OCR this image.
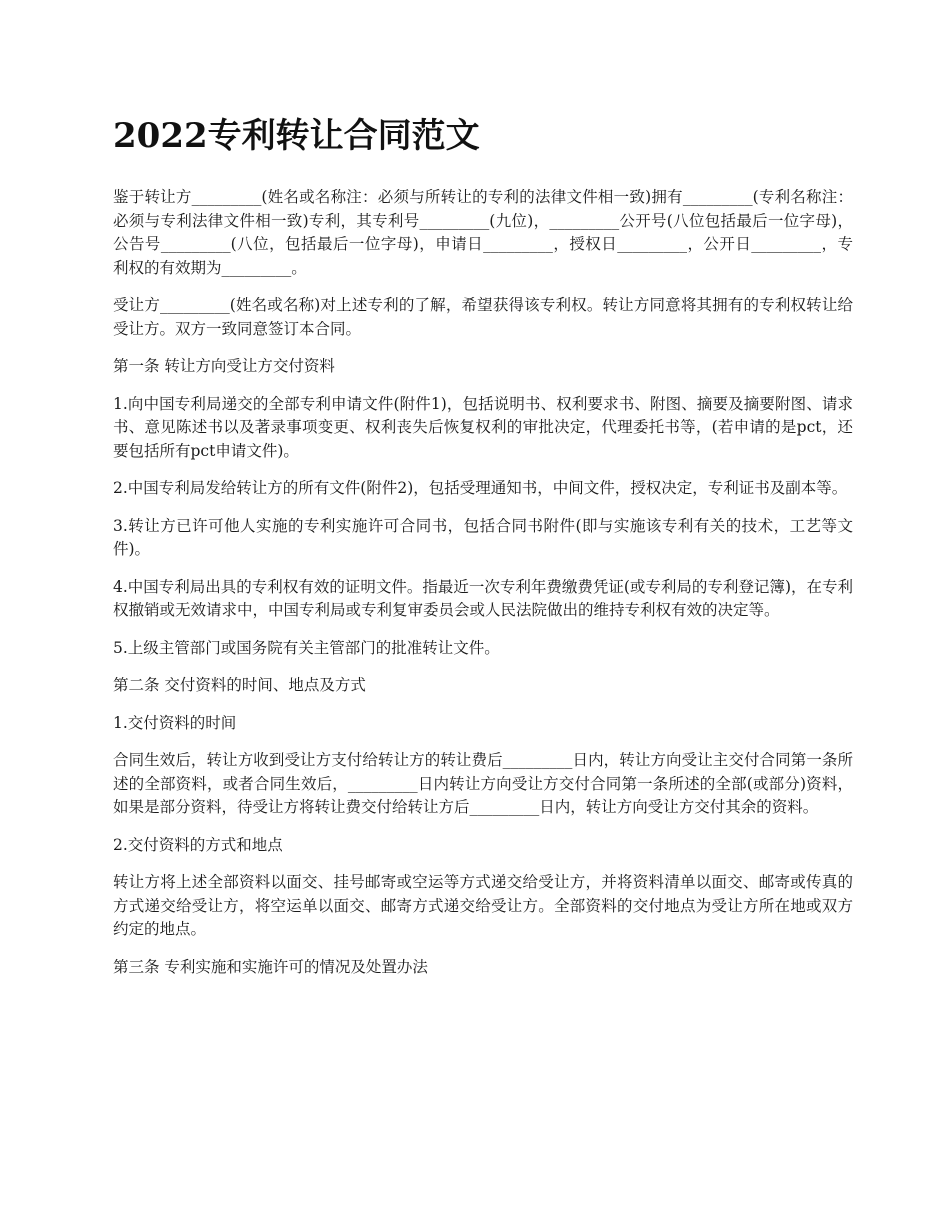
2022专利转让合同范文

鉴于转让方_________(姓名或名称注：必须与所转让的专利的法律文件相一致)拥有_________(专利名称注：必须与专利法律文件相一致)专利，其专利号_________(九位)，_________公开号(八位包括最后一位字母)，公告号_________(八位，包括最后一位字母)，申请日_________，授权日_________，公开日_________，专利权的有效期为_________。

受让方_________(姓名或名称)对上述专利的了解，希望获得该专利权。转让方同意将其拥有的专利权转让给受让方。双方一致同意签订本合同。

第一条 转让方向受让方交付资料

1.向中国专利局递交的全部专利申请文件(附件1)，包括说明书、权利要求书、附图、摘要及摘要附图、请求书、意见陈述书以及著录事项变更、权利丧失后恢复权利的审批决定，代理委托书等，(若申请的是pct，还要包括所有pct申请文件)。

2.中国专利局发给转让方的所有文件(附件2)，包括受理通知书，中间文件，授权决定，专利证书及副本等。

3.转让方已许可他人实施的专利实施许可合同书，包括合同书附件(即与实施该专利有关的技术，工艺等文件)。

4.中国专利局出具的专利权有效的证明文件。指最近一次专利年费缴费凭证(或专利局的专利登记簿)，在专利权撤销或无效请求中，中国专利局或专利复审委员会或人民法院做出的维持专利权有效的决定等。

5.上级主管部门或国务院有关主管部门的批准转让文件。

第二条 交付资料的时间、地点及方式

1.交付资料的时间

合同生效后，转让方收到受让方支付给转让方的转让费后_________日内，转让方向受让主交付合同第一条所述的全部资料，或者合同生效后，_________日内转让方向受让方交付合同第一条所述的全部(或部分)资料，如果是部分资料，待受让方将转让费交付给转让方后_________日内，转让方向受让方交付其余的资料。

2.交付资料的方式和地点

转让方将上述全部资料以面交、挂号邮寄或空运等方式递交给受让方，并将资料清单以面交、邮寄或传真的方式递交给受让方，将空运单以面交、邮寄方式递交给受让方。全部资料的交付地点为受让方所在地或双方约定的地点。

第三条 专利实施和实施许可的情况及处置办法
